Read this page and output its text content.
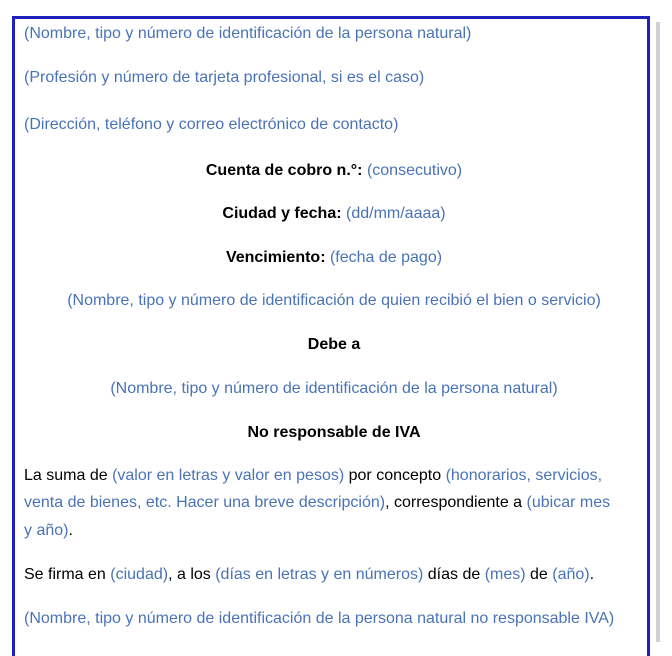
(Nombre, tipo y número de identificación de la persona natural)
(Profesión y número de tarjeta profesional, si es el caso)
(Dirección, teléfono y correo electrónico de contacto)
Cuenta de cobro n.°: (consecutivo)
Ciudad y fecha: (dd/mm/aaaa)
Vencimiento: (fecha de pago)
(Nombre, tipo y número de identificación de quien recibió el bien o servicio)
Debe a
(Nombre, tipo y número de identificación de la persona natural)
No responsable de IVA
La suma de (valor en letras y valor en pesos) por concepto (honorarios, servicios,
venta de bienes, etc. Hacer una breve descripción), correspondiente a (ubicar mes
y año).
Se firma en (ciudad), a los (días en letras y en números) días de (mes) de (año).
(Nombre, tipo y número de identificación de la persona natural no responsable IVA)
